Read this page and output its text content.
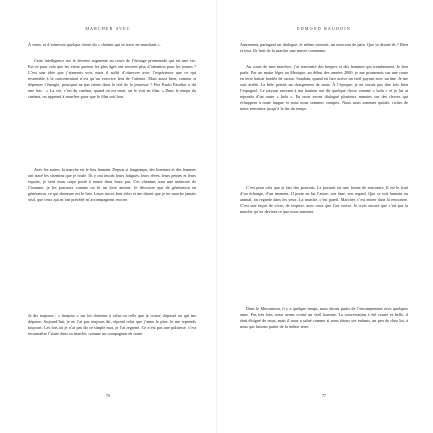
MARCHER AVEC

À venir, et d’entrevoir quelque chose du « chemin qui se trace en marchant ».

Cette intelligence sur le devenir augmente au cours de l’étrange promenade qui est une vie. Est-ce pour cela que les vieux parents les plus âgés ont souvent plus d’attention pour les jeunes ? C’est une idée que j’aimerais voir, mais il suffit d’observer avec l’expérience que ce qui ressemble à la concentration n’est qu’un exercice lent de l’attente. Mais aussi bien, comme si dépenser l’énergie, pourquoi ne pas tenter dans la cité de la jeunesse ? Pier Paolo Pasolini a dit une fois : « La vie, c’est du cinéma, quand on est mort, on le voit en film. » Dans le temps du cinéma, on apprend à marcher pour que le film soit bon.

Avec les autres, la marche est le lieu humain. Depuis si longtemps, des hommes et des femmes ont tracé les chemins que je foule. Ils y ont inscrit leurs fatigues, leurs rêves, leurs peines et leurs espoirs, je sens mon corps porté à entrer dans leurs pas. Ces chemins sont une mémoire de l’homme, je les parcours comme on lit un livre ancien. Je découvre que de génération en génération, ce qui demeure est le lien. Leurs traces font écho et me disent que je ne marche jamais seul, que ceux qui m’ont précédé m’accompagnent encore.

Je dis toujours : « bonjour » sur les chemins à celui ou celle que je croise, dépassé ou qui me dépasse. Aujourd’hui, je ne l’ai pas toujours dit, répond celui que j’aime le plus. Je me reprends toujours. Les fois où je n’ai pas dit ce simple mot, je l’ai regretté. Ce n’est pas une politesse, c’est reconnaître l’autre dans sa marche, comme un compagnon de route.

76
EDMOND BAUDOIN

Autrement, partagent un dialogue, et même souvent, un morceau de pain. Que se disent-ils ? Rien et tout. Ils font de la marche une œuvre commune.

Au cours de mes marches, j’ai rencontré des bergers et des hommes qui transhument. Je leur parle. Par un matin léger au Mexique, au début des années 2000, je me promenais sur une route en terre battue bordée de cactus. Soudain, quand en face arrive un vieil paysan avec un âne. Je me suis arrêté. La bête portait un chargement de maïs. À l’époque, je ne savais pas dire très bien l’espagnol. Le paysan arrivant à ma hauteur me dit quelque chose comme « hola » et je lui ai répondu d’un autre « hola ». En nous avons dialogué plusieurs minutes sur des choses qui échappent à toute langue et nous nous sommes compris. Nous nous sommes quittés, riches de notre rencontre jusqu’à la fin du temps.

C’est pour cela que je fais des portraits. Le portrait est une forme de rencontre. Il est le fruit d’un échange, d’un moment. Il porte en lui l’autre, son âme, son regard. Que ce soit humain ou animal, on regarde dans les yeux. La marche, c’est pareil. Marcher, c’est entrer dans la rencontre. C’est une façon de vivre, de respirer, avec ceux que l’on croise. Je crois encore que c’est par la marche qu’on devient ce que nous sommes.

Dans le Mercantour, il y a quelque temps, nous étions partis de l’encampement avec quelques amis. Pas très loin, nous avons croisé un vieil homme. La conversation a été courte et belle, il était éloigné de nous, mais il nous a salué comme si nous étions ses enfants, un peu de chez lui, à nous qui faisons partie de la même terre.

77
